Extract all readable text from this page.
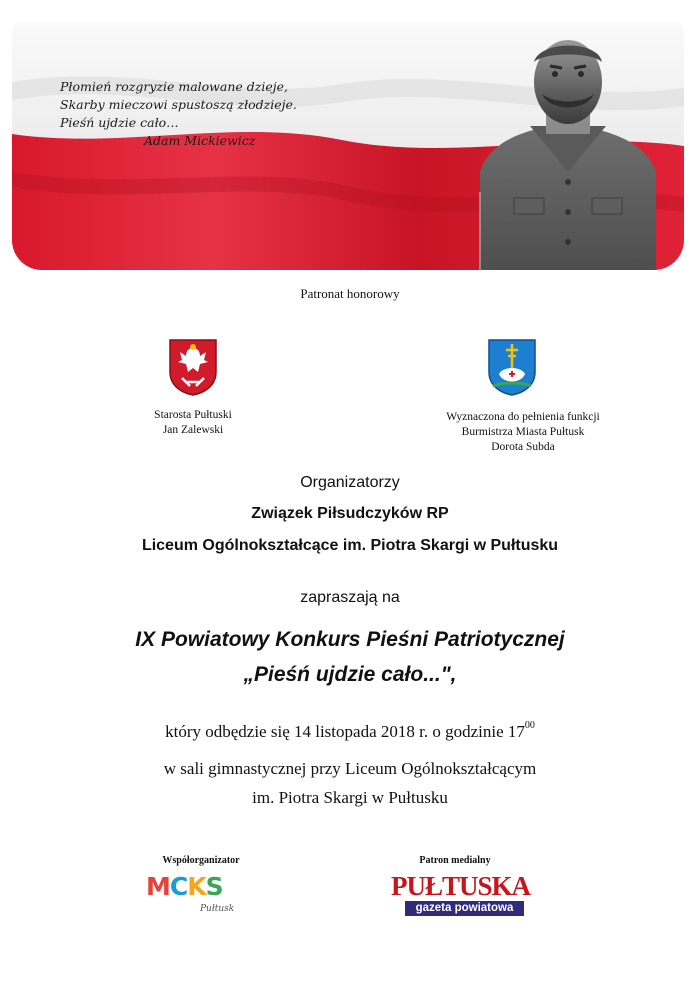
Płomień rozgryzie malowane dzieje,
Skarby mieczowi spustoszą złodzieje.
Pieśń ujdzie cało…
Adam Mickiewicz
Patronat honorowy
Starosta Pułtuski
Jan Zalewski
Wyznaczona do pełnienia funkcji
Burmistrza Miasta Pułtusk
Dorota Subda
Organizatorzy
Związek Piłsudczyków RP
Liceum Ogólnokształcące im. Piotra Skargi w Pułtusku
zapraszają na
IX Powiatowy Konkurs Pieśni Patriotycznej
„Pieśń ujdzie cało...",
który odbędzie się 14 listopada 2018 r. o godzinie $17^{00}$
w sali gimnastycznej przy Liceum Ogólnokształcącym
im. Piotra Skargi w Pułtusku
Współorganizator	Patron medialny
MCKS
Pułtusk
PUŁTUSKA
gazeta powiatowa
